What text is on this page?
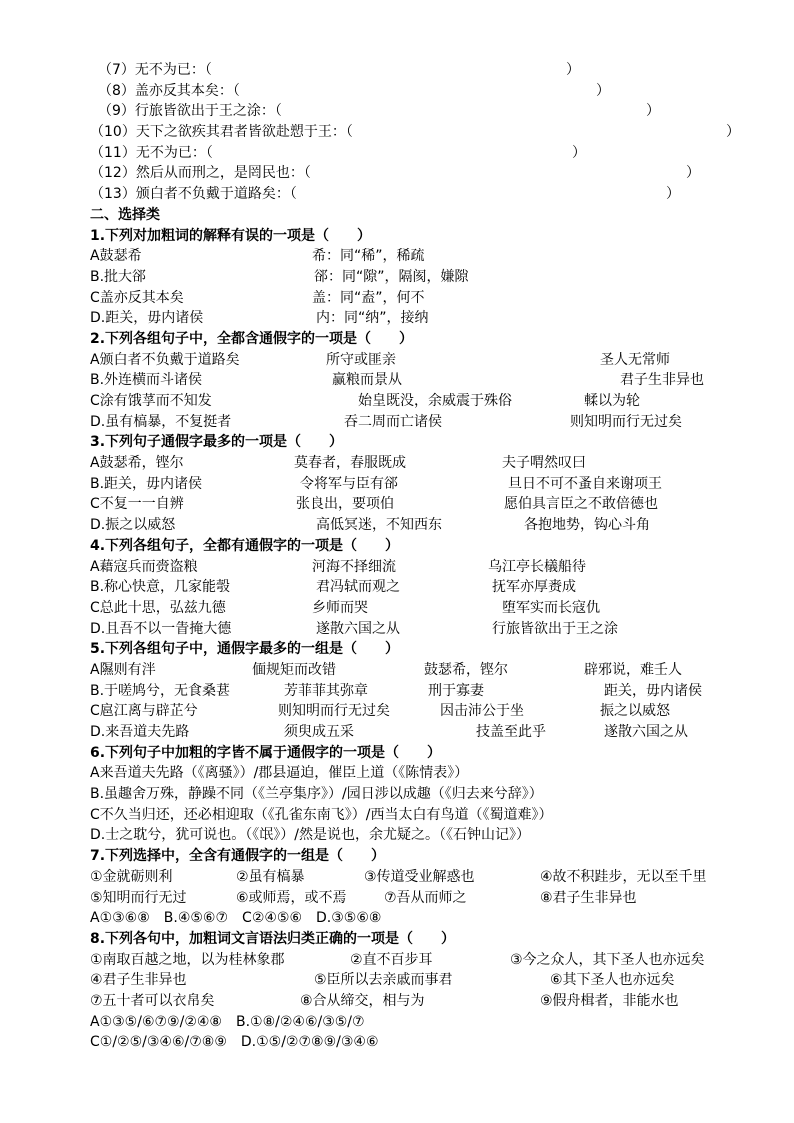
（7）无不为已：（	）
（8）盖亦反其本矣：（	）
（9）行旅皆欲出于王之涂：（	）
（10）天下之欲疾其君者皆欲赴愬于王：（	）
（11）无不为已：（	）
（12）然后从而刑之，是罔民也：（	）
（13）颁白者不负戴于道路矣：（	）
二、选择类
1.下列对加粗词的解释有误的一项是（　　）
A鼓瑟希	希：同“稀”，稀疏
B.批大郤	郤：同“隙”，隔阂，嫌隙
C盖亦反其本矣	盖：同“盍”，何不
D.距关，毋内诸侯	内：同“纳”，接纳
2.下列各组句子中，全都含通假字的一项是（　　）
A颁白者不负戴于道路矣	所守或匪亲	圣人无常师
B.外连横而斗诸侯	赢粮而景从	君子生非异也
C涂有饿莩而不知发	始皇既没，余威震于殊俗	輮以为轮
D.虽有槁暴，不复挺者	吞二周而亡诸侯	则知明而行无过矣
3.下列句子通假字最多的一项是（　　）
A鼓瑟希，铿尔	莫春者，春服既成	夫子喟然叹曰
B.距关，毋内诸侯	令将军与臣有郤	旦日不可不蚤自来谢项王
C不复一一自辨	张良出，要项伯	愿伯具言臣之不敢倍德也
D.振之以威怒	高低冥迷，不知西东	各抱地势，钩心斗角
4.下列各组句子，全都有通假字的一项是（　　）
A藉寇兵而赍盗粮	河海不择细流	乌江亭长檥船待
B.称心快意，几家能彀	君冯轼而观之	抚军亦厚赉成
C总此十思，弘兹九德	乡师而哭	堕军实而长寇仇
D.且吾不以一眚掩大德	遂散六国之从	行旅皆欲出于王之涂
5.下列各组句子中，通假字最多的一组是（　　）
A隰则有泮	偭规矩而改错	鼓瑟希，铿尔	辟邪说，难壬人
B.于嗟鸠兮，无食桑葚	芳菲菲其弥章	刑于寡妻	距关，毋内诸侯
C扈江离与辟芷兮	则知明而行无过矣	因击沛公于坐	振之以威怒
D.来吾道夫先路	须臾成五采	技盖至此乎	遂散六国之从
6.下列句子中加粗的字皆不属于通假字的一项是（　　）
A来吾道夫先路（《离骚》）/郡县逼迫，催臣上道（《陈情表》）
B.虽趣舍万殊，静躁不同（《兰亭集序》）/园日涉以成趣（《归去来兮辞》）
C不久当归还，还必相迎取（《孔雀东南飞》）/西当太白有鸟道（《蜀道难》）
D.士之耽兮，犹可说也。（《氓》）/然是说也，余尤疑之。（《石钟山记》）
7.下列选择中，全含有通假字的一组是（　　）
①金就砺则利	②虽有槁暴	③传道受业解惑也	④故不积跬步，无以至千里
⑤知明而行无过	⑥或师焉，或不焉	⑦吾从而师之	⑧君子生非异也
A①③⑥⑧　B.④⑤⑥⑦　C②④⑤⑥　D.③⑤⑥⑧
8.下列各句中，加粗词文言语法归类正确的一项是（　　）
①南取百越之地，以为桂林象郡	②直不百步耳	③今之众人，其下圣人也亦远矣
④君子生非异也	⑤臣所以去亲戚而事君	⑥其下圣人也亦远矣
⑦五十者可以衣帛矣	⑧合从缔交，相与为	⑨假舟楫者，非能水也
A①③⑤/⑥⑦⑨/②④⑧　B.①⑧/②④⑥/③⑤/⑦
C①/②⑤/③④⑥/⑦⑧⑨　D.①⑤/②⑦⑧⑨/③④⑥
